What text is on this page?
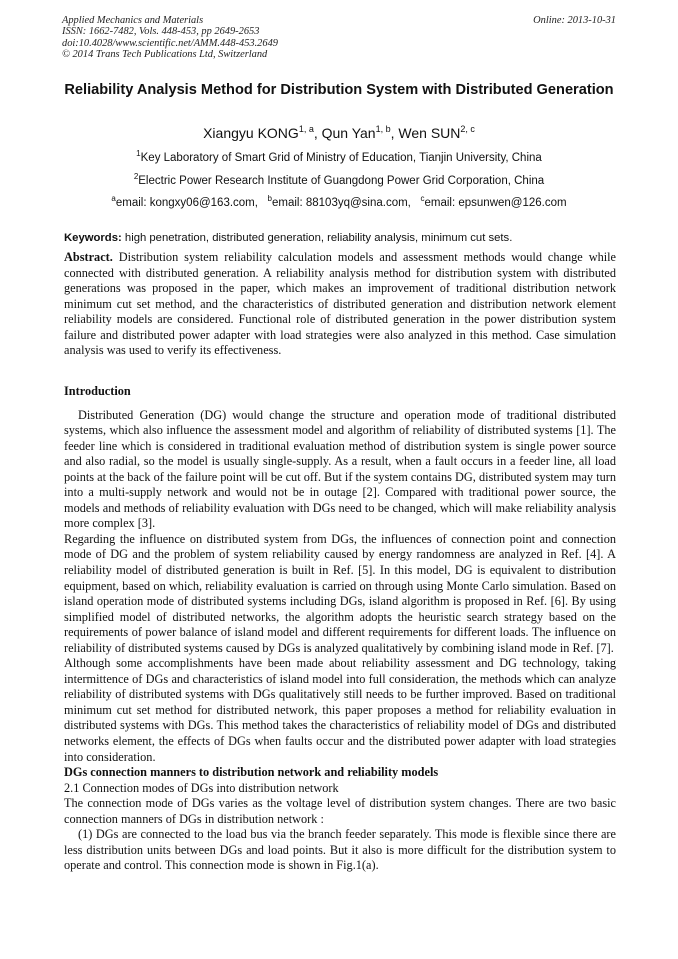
Applied Mechanics and Materials	Online: 2013-10-31
ISSN: 1662-7482, Vols. 448-453, pp 2649-2653
doi:10.4028/www.scientific.net/AMM.448-453.2649
© 2014 Trans Tech Publications Ltd, Switzerland
Reliability Analysis Method for Distribution System with Distributed Generation
Xiangyu KONG$^{1, a}$, Qun Yan$^{1, b}$, Wen SUN$^{2, c}$
$^1$Key Laboratory of Smart Grid of Ministry of Education, Tianjin University, China
$^2$Electric Power Research Institute of Guangdong Power Grid Corporation, China
$^a$email: kongxy06@163.com, $^b$email: 88103yq@sina.com, $^c$email: epsunwen@126.com
Keywords: high penetration, distributed generation, reliability analysis, minimum cut sets.

Abstract. Distribution system reliability calculation models and assessment methods would change while connected with distributed generation. A reliability analysis method for distribution system with distributed generations was proposed in the paper, which makes an improvement of traditional distribution network minimum cut set method, and the characteristics of distributed generation and distribution network element reliability models are considered. Functional role of distributed generation in the power distribution system failure and distributed power adapter with load strategies were also analyzed in this method. Case simulation analysis was used to verify its effectiveness.

Introduction

Distributed Generation (DG) would change the structure and operation mode of traditional distributed systems, which also influence the assessment model and algorithm of reliability of distributed systems [1]. The feeder line which is considered in traditional evaluation method of distribution system is single power source and also radial, so the model is usually single-supply. As a result, when a fault occurs in a feeder line, all load points at the back of the failure point will be cut off. But if the system contains DG, distributed system may turn into a multi-supply network and would not be in outage [2]. Compared with traditional power source, the models and methods of reliability evaluation with DGs need to be changed, which will make reliability analysis more complex [3].

Regarding the influence on distributed system from DGs, the influences of connection point and connection mode of DG and the problem of system reliability caused by energy randomness are analyzed in Ref. [4]. A reliability model of distributed generation is built in Ref. [5]. In this model, DG is equivalent to distribution equipment, based on which, reliability evaluation is carried on through using Monte Carlo simulation. Based on island operation mode of distributed systems including DGs, island algorithm is proposed in Ref. [6]. By using simplified model of distributed networks, the algorithm adopts the heuristic search strategy based on the requirements of power balance of island model and different requirements for different loads. The influence on reliability of distributed systems caused by DGs is analyzed qualitatively by combining island mode in Ref. [7].

Although some accomplishments have been made about reliability assessment and DG technology, taking intermittence of DGs and characteristics of island model into full consideration, the methods which can analyze reliability of distributed systems with DGs qualitatively still needs to be further improved. Based on traditional minimum cut set method for distributed network, this paper proposes a method for reliability evaluation in distributed systems with DGs. This method takes the characteristics of reliability model of DGs and distributed networks element, the effects of DGs when faults occur and the distributed power adapter with load strategies into consideration.

DGs connection manners to distribution network and reliability models

2.1 Connection modes of DGs into distribution network

The connection mode of DGs varies as the voltage level of distribution system changes. There are two basic connection manners of DGs in distribution network :

(1) DGs are connected to the load bus via the branch feeder separately. This mode is flexible since there are less distribution units between DGs and load points. But it also is more difficult for the distribution system to operate and control. This connection mode is shown in Fig.1(a).
